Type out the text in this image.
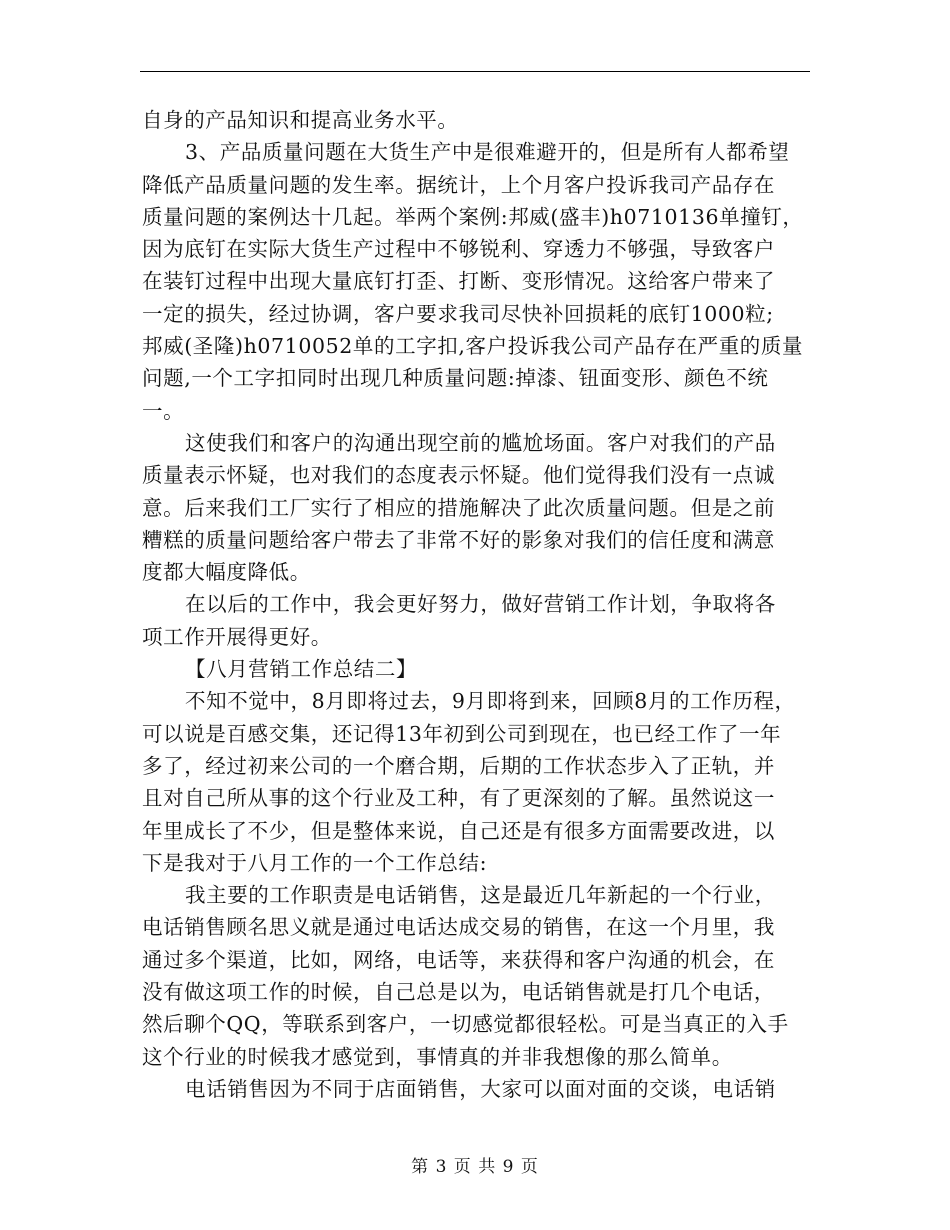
自身的产品知识和提高业务水平。
3、产品质量问题在大货生产中是很难避开的，但是所有人都希望
降低产品质量问题的发生率。据统计，上个月客户投诉我司产品存在
质量问题的案例达十几起。举两个案例:邦威(盛丰)h0710136单撞钉，
因为底钉在实际大货生产过程中不够锐利、穿透力不够强，导致客户
在装钉过程中出现大量底钉打歪、打断、变形情况。这给客户带来了
一定的损失，经过协调，客户要求我司尽快补回损耗的底钉1000粒;
邦威(圣隆)h0710052单的工字扣,客户投诉我公司产品存在严重的质量
问题,一个工字扣同时出现几种质量问题:掉漆、钮面变形、颜色不统
一。
这使我们和客户的沟通出现空前的尴尬场面。客户对我们的产品
质量表示怀疑，也对我们的态度表示怀疑。他们觉得我们没有一点诚
意。后来我们工厂实行了相应的措施解决了此次质量问题。但是之前
糟糕的质量问题给客户带去了非常不好的影象对我们的信任度和满意
度都大幅度降低。
在以后的工作中，我会更好努力，做好营销工作计划，争取将各
项工作开展得更好。
【八月营销工作总结二】
不知不觉中，8月即将过去，9月即将到来，回顾8月的工作历程，
可以说是百感交集，还记得13年初到公司到现在，也已经工作了一年
多了，经过初来公司的一个磨合期，后期的工作状态步入了正轨，并
且对自己所从事的这个行业及工种，有了更深刻的了解。虽然说这一
年里成长了不少，但是整体来说，自己还是有很多方面需要改进，以
下是我对于八月工作的一个工作总结:
我主要的工作职责是电话销售，这是最近几年新起的一个行业，
电话销售顾名思义就是通过电话达成交易的销售，在这一个月里，我
通过多个渠道，比如，网络，电话等，来获得和客户沟通的机会，在
没有做这项工作的时候，自己总是以为，电话销售就是打几个电话，
然后聊个QQ，等联系到客户，一切感觉都很轻松。可是当真正的入手
这个行业的时候我才感觉到，事情真的并非我想像的那么简单。
电话销售因为不同于店面销售，大家可以面对面的交谈，电话销
第 3 页 共 9 页
